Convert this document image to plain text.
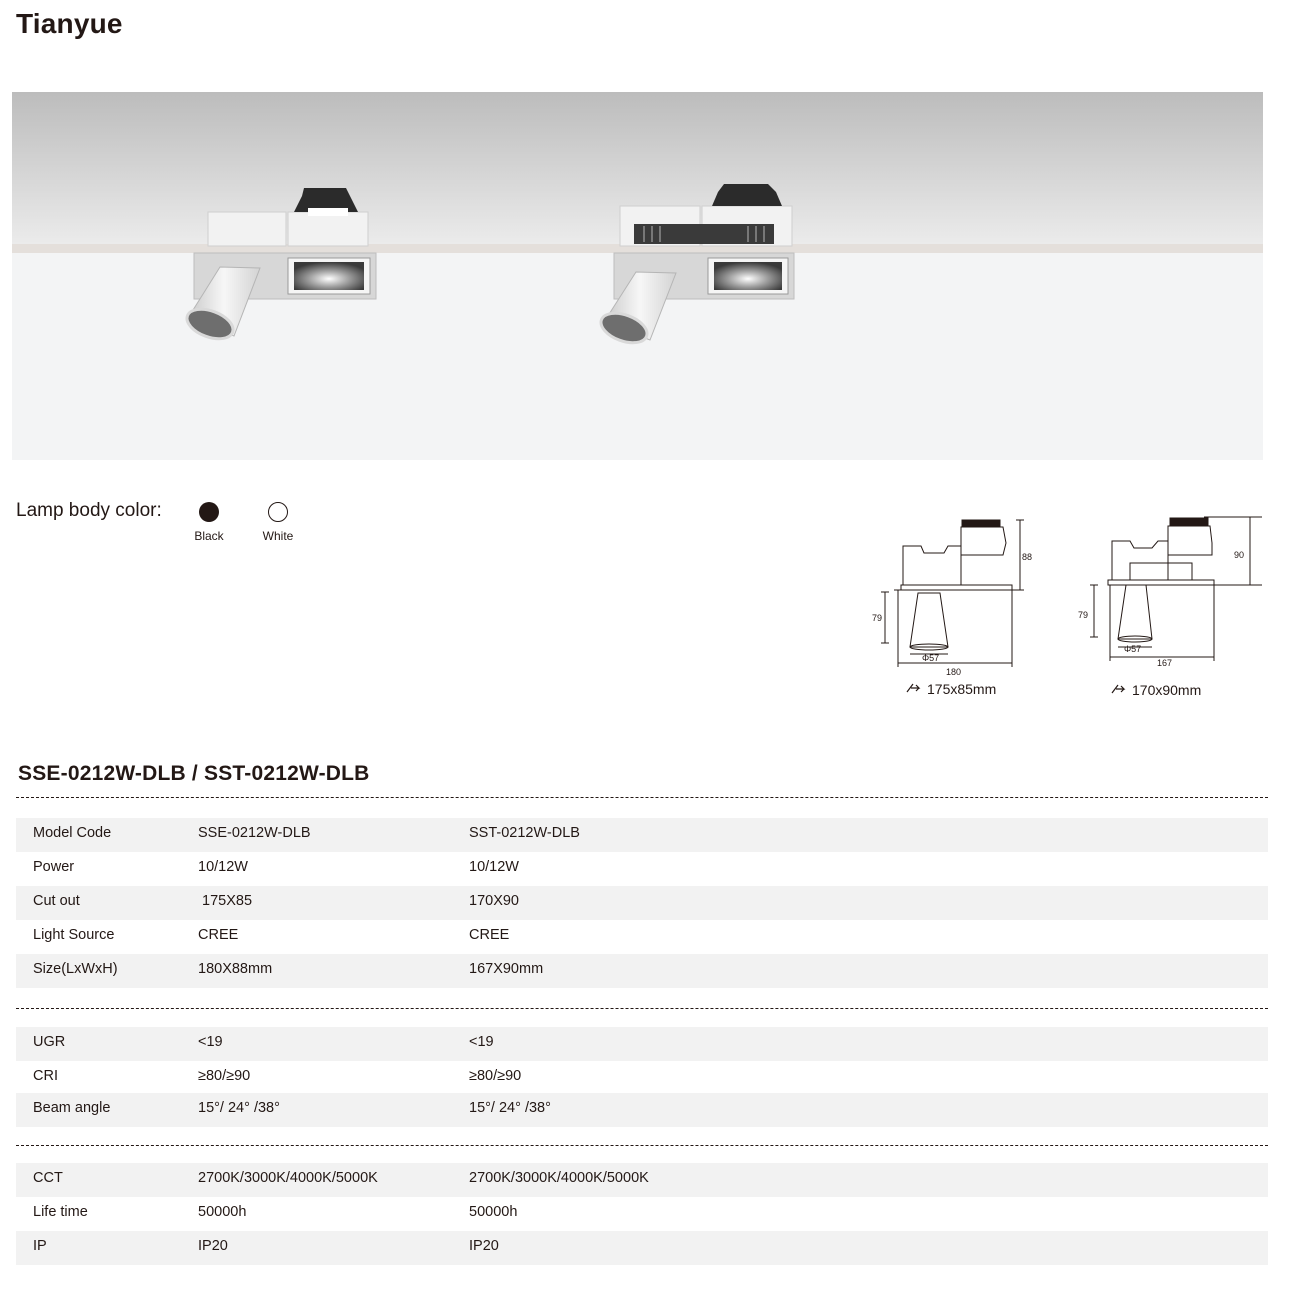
Tianyue
Lamp body color:
Black	White
88
79
Φ57
180
175x85mm
90
79
Φ57
167
170x90mm
SSE-0212W-DLB / SST-0212W-DLB
Model Code	SSE-0212W-DLB	SST-0212W-DLB
Power	10/12W	10/12W
Cut out	175X85	170X90
Light Source	CREE	CREE
Size(LxWxH)	180X88mm	167X90mm
UGR	<19	<19
CRI	≥80/≥90	≥80/≥90
Beam angle	15°/ 24° /38°	15°/ 24° /38°
CCT	2700K/3000K/4000K/5000K	2700K/3000K/4000K/5000K
Life time	50000h	50000h
IP	IP20	IP20
